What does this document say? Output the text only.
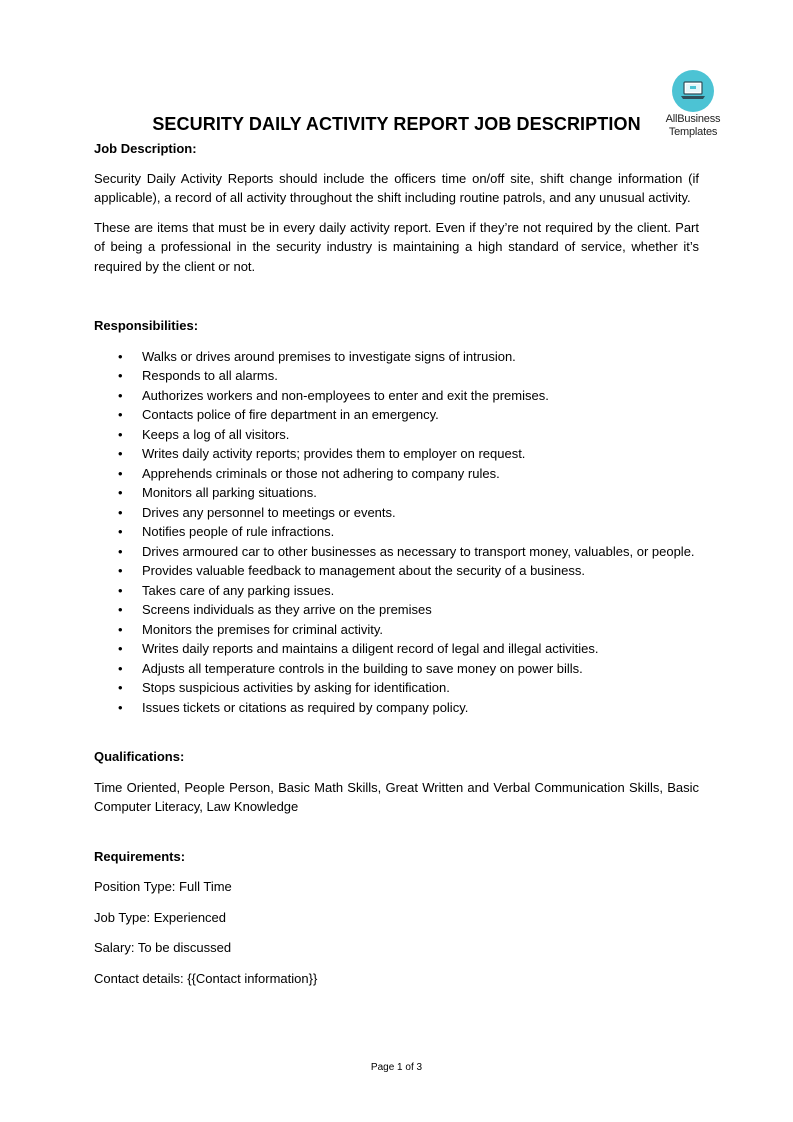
AllBusiness
Templates
SECURITY DAILY ACTIVITY REPORT JOB DESCRIPTION

Job Description:

Security Daily Activity Reports should include the officers time on/off site, shift change information (if applicable), a record of all activity throughout the shift including routine patrols, and any unusual activity.

These are items that must be in every daily activity report. Even if they’re not required by the client. Part of being a professional in the security industry is maintaining a high standard of service, whether it’s required by the client or not.

Responsibilities:

• Walks or drives around premises to investigate signs of intrusion.
• Responds to all alarms.
• Authorizes workers and non-employees to enter and exit the premises.
• Contacts police of fire department in an emergency.
• Keeps a log of all visitors.
• Writes daily activity reports; provides them to employer on request.
• Apprehends criminals or those not adhering to company rules.
• Monitors all parking situations.
• Drives any personnel to meetings or events.
• Notifies people of rule infractions.
• Drives armoured car to other businesses as necessary to transport money, valuables, or people.
• Provides valuable feedback to management about the security of a business.
• Takes care of any parking issues.
• Screens individuals as they arrive on the premises
• Monitors the premises for criminal activity.
• Writes daily reports and maintains a diligent record of legal and illegal activities.
• Adjusts all temperature controls in the building to save money on power bills.
• Stops suspicious activities by asking for identification.
• Issues tickets or citations as required by company policy.

Qualifications:

Time Oriented, People Person, Basic Math Skills, Great Written and Verbal Communication Skills, Basic Computer Literacy, Law Knowledge

Requirements:

Position Type: Full Time

Job Type: Experienced

Salary: To be discussed

Contact details: {{Contact information}}

Page 1 of 3
